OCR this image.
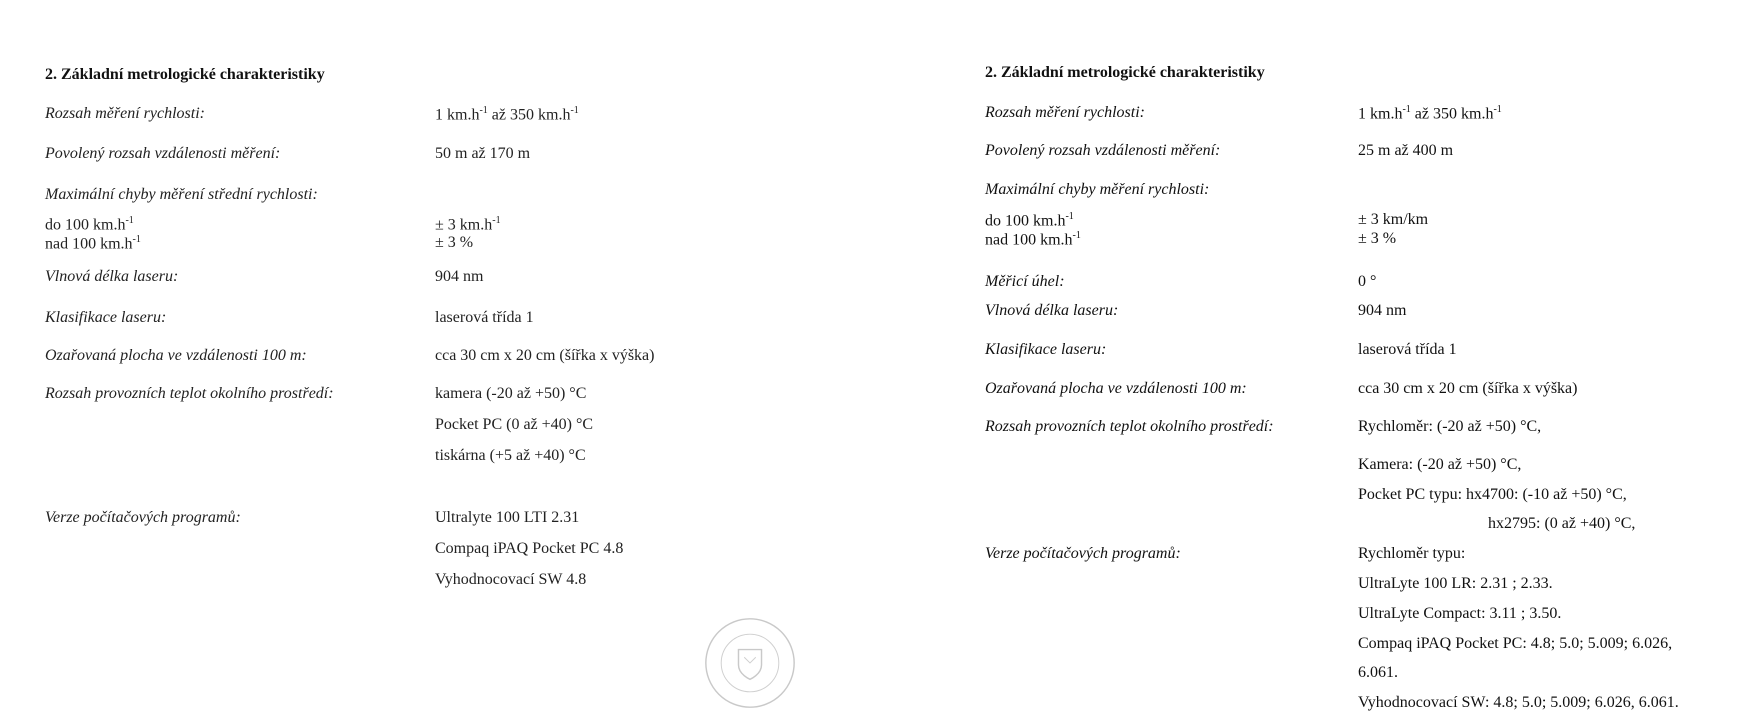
2. Základní metrologické charakteristiky
Rozsah měření rychlosti:	1 $km.h^{-1}$ až 350 $km.h^{-1}$
Povolený rozsah vzdálenosti měření:	50 m až 170 m
Maximální chyby měření střední rychlosti:
do 100 $km.h^{-1}$	± 3 $km.h^{-1}$
nad 100 $km.h^{-1}$	± 3 %
Vlnová délka laseru:	904 nm
Klasifikace laseru:	laserová třída 1
Ozařovaná plocha ve vzdálenosti 100 m:	cca 30 cm x 20 cm (šířka x výška)
Rozsah provozních teplot okolního prostředí:	kamera (-20 až +50) °C
Pocket PC (0 až +40) °C
tiskárna (+5 až +40) °C
Verze počítačových programů:	Ultralyte 100 LTI 2.31
Compaq iPAQ Pocket PC 4.8
Vyhodnocovací SW 4.8
2. Základní metrologické charakteristiky
Rozsah měření rychlosti:	1 $km.h^{-1}$ až 350 $km.h^{-1}$
Povolený rozsah vzdálenosti měření:	25 m až 400 m
Maximální chyby měření rychlosti:
do 100 $km.h^{-1}$	± 3 km/km
nad 100 $km.h^{-1}$	± 3 %
Měřicí úhel:	0 °
Vlnová délka laseru:	904 nm
Klasifikace laseru:	laserová třída 1
Ozařovaná plocha ve vzdálenosti 100 m:	cca 30 cm x 20 cm (šířka x výška)
Rozsah provozních teplot okolního prostředí:	Rychloměr: (-20 až +50) °C,
Kamera: (-20 až +50) °C,
Pocket PC typu: hx4700: (-10 až +50) °C,
hx2795: (0 až +40) °C,
Verze počítačových programů:	Rychloměr typu:
UltraLyte 100 LR: 2.31 ; 2.33.
UltraLyte Compact: 3.11 ; 3.50.
Compaq iPAQ Pocket PC: 4.8; 5.0; 5.009; 6.026,
6.061.
Vyhodnocovací SW: 4.8; 5.0; 5.009; 6.026, 6.061.
